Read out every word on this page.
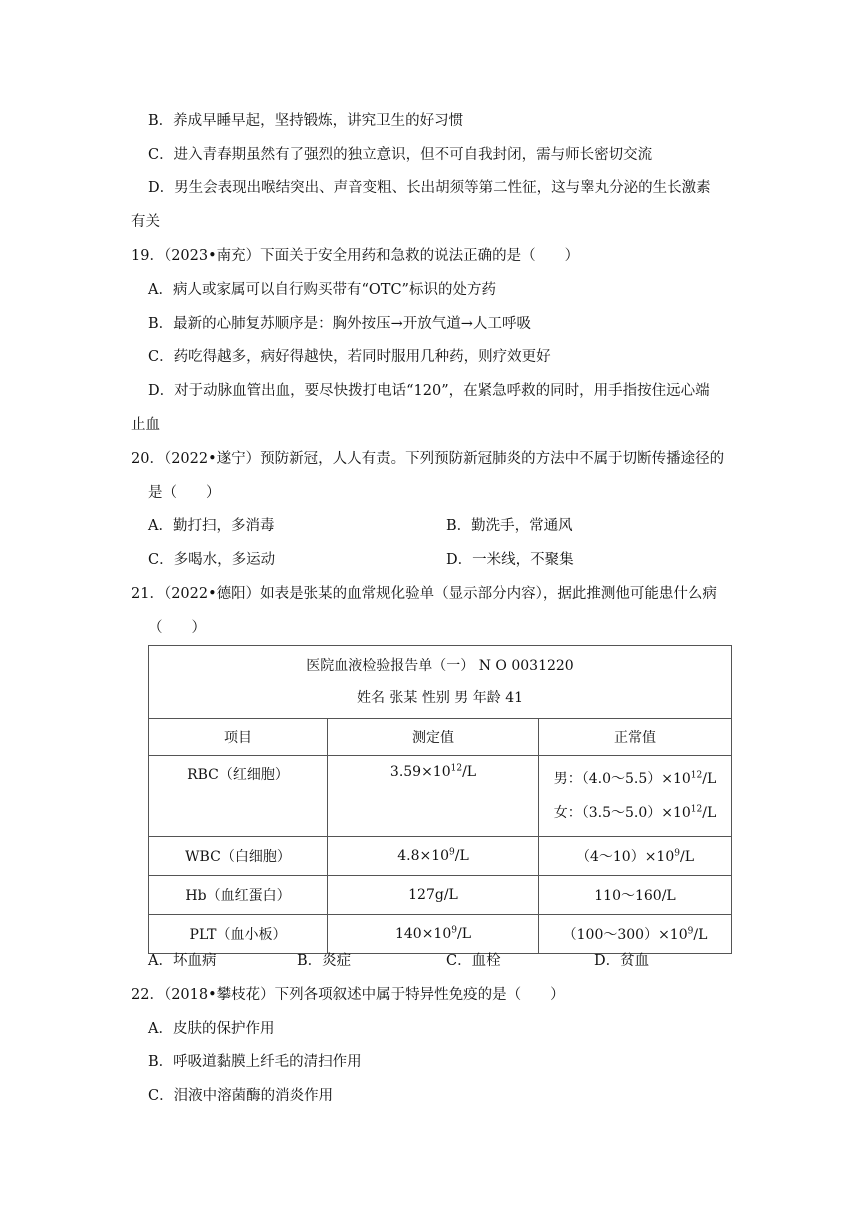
B．养成早睡早起，坚持锻炼，讲究卫生的好习惯
C．进入青春期虽然有了强烈的独立意识，但不可自我封闭，需与师长密切交流
D．男生会表现出喉结突出、声音变粗、长出胡须等第二性征，这与睾丸分泌的生长激素
有关
19．（2023•南充）下面关于安全用药和急救的说法正确的是（　　）
A．病人或家属可以自行购买带有“OTC”标识的处方药
B．最新的心肺复苏顺序是：胸外按压→开放气道→人工呼吸
C．药吃得越多，病好得越快，若同时服用几种药，则疗效更好
D．对于动脉血管出血，要尽快拨打电话“120”，在紧急呼救的同时，用手指按住远心端
止血
20．（2022•遂宁）预防新冠，人人有责。下列预防新冠肺炎的方法中不属于切断传播途径的
是（　　）
A．勤打扫，多消毒	B．勤洗手，常通风
C．多喝水，多运动	D．一米线，不聚集
21．（2022•德阳）如表是张某的血常规化验单（显示部分内容），据此推测他可能患什么病
（　　）
医院血液检验报告单（一） N O 0031220
姓名 张某 性别 男 年龄 41		

项目	测定值	正常值
RBC（红细胞）	$3.59\times 10^{12}/L$	男：$(4.0\sim 5.5)\times 10^{12}/L$
女：$(3.5\sim 5.0)\times 10^{12}/L$

WBC（白细胞）	$4.8\times 10^9/L$	$(4\sim 10)\times 10^9/L$
Hb（血红蛋白）	127g/L	110～160/L
PLT（血小板）	$140\times 10^9/L$	$(100\sim 300)\times 10^9/L$
A．坏血病	B．炎症	C．血栓	D．贫血
22．（2018•攀枝花）下列各项叙述中属于特异性免疫的是（　　）
A．皮肤的保护作用
B．呼吸道黏膜上纤毛的清扫作用
C．泪液中溶菌酶的消炎作用
